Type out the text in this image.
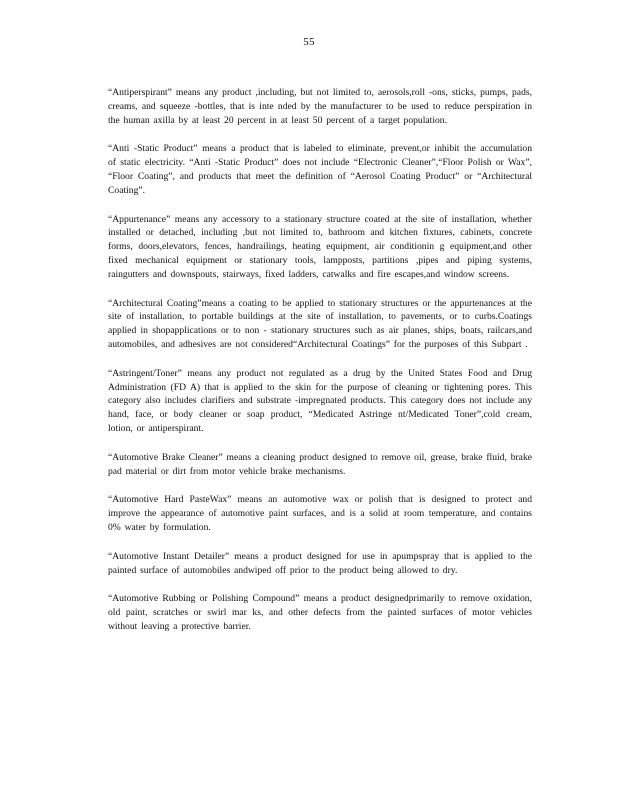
55

“Antiperspirant” means any product ,including, but not limited to, aerosols,roll -ons, sticks, pumps, pads, creams, and squeeze -bottles, that is inte nded by the manufacturer to be used to reduce perspiration in the human axilla by at least 20 percent in at least 50 percent of a target population.

“Anti -Static Product” means a product that is labeled to eliminate, prevent,or inhibit the accumulation of static electricity. “Anti -Static Product” does not include “Electronic Cleaner”,“Floor Polish or Wax”, “Floor Coating”, and products that meet the definition of “Aerosol Coating Product” or “Architectural Coating”.

“Appurtenance” means any accessory to a stationary structure coated at the site of installation, whether installed or detached, including ,but not limited to, bathroom and kitchen fixtures, cabinets, concrete forms, doors,elevators, fences, handrailings, heating equipment, air conditionin g equipment,and other fixed mechanical equipment or stationary tools, lampposts, partitions ,pipes and piping systems, raingutters and downspouts, stairways, fixed ladders, catwalks and fire escapes,and window screens.

“Architectural Coating”means a coating to be applied to stationary structures or the appurtenances at the site of installation, to portable buildings at the site of installation, to pavements, or to curbs.Coatings applied in shopapplications or to non - stationary structures such as air planes, ships, boats, railcars,and automobiles, and adhesives are not considered“Architectural Coatings” for the purposes of this Subpart .

“Astringent/Toner” means any product not regulated as a drug by the United States Food and Drug Administration (FD A) that is applied to the skin for the purpose of cleaning or tightening pores. This category also includes clarifiers and substrate -impregnated products. This category does not include any hand, face, or body cleaner or soap product, “Medicated Astringe nt/Medicated Toner”,cold cream, lotion, or antiperspirant.

“Automotive Brake Cleaner” means a cleaning product designed to remove oil, grease, brake fluid, brake pad material or dirt from motor vehicle brake mechanisms.

“Automotive Hard PasteWax” means an automotive wax or polish that is designed to protect and improve the appearance of automotive paint surfaces, and is a solid at room temperature, and contains 0% water by formulation.

“Automotive Instant Detailer” means a product designed for use in apumpspray that is applied to the painted surface of automobiles andwiped off prior to the product being allowed to dry.

“Automotive Rubbing or Polishing Compound” means a product designedprimarily to remove oxidation, old paint, scratches or swirl mar ks, and other defects from the painted surfaces of motor vehicles without leaving a protective barrier.
